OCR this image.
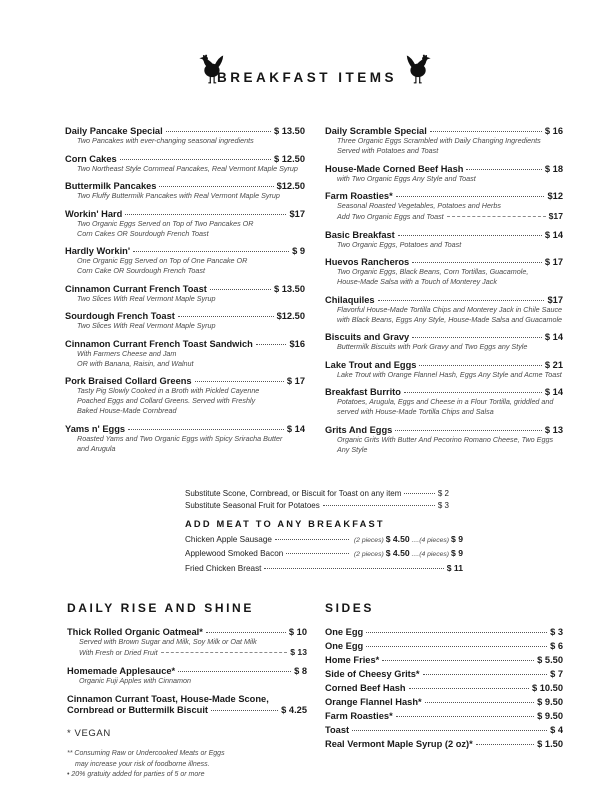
BREAKFAST ITEMS
Daily Pancake Special	$ 13.50
Two Pancakes with ever-changing seasonal ingredients
Corn Cakes	$ 12.50
Two Northeast Style Cornmeal Pancakes, Real Vermont Maple Syrup
Buttermilk Pancakes	$12.50
Two Fluffy Buttermilk Pancakes with Real Vermont Maple Syrup
Workin' Hard	$17
Two Organic Eggs Served on Top of Two Pancakes OR
Corn Cakes OR Sourdough French Toast
Hardly Workin'	$ 9
One Organic Egg Served on Top of One Pancake OR
Corn Cake OR Sourdough French Toast
Cinnamon Currant French Toast	$ 13.50
Two Slices With Real Vermont Maple Syrup
Sourdough French Toast	$12.50
Two Slices With Real Vermont Maple Syrup
Cinnamon Currant French Toast Sandwich	$16
With Farmers Cheese and Jam
OR with Banana, Raisin, and Walnut
Pork Braised Collard Greens	$ 17
Tasty Pig Slowly Cooked in a Broth with Pickled Cayenne
Poached Eggs and Collard Greens. Served with Freshly
Baked House-Made Cornbread
Yams n' Eggs	$ 14
Roasted Yams and Two Organic Eggs with Spicy Sriracha Butter
and Arugula
Daily Scramble Special	$ 16
Three Organic Eggs Scrambled with Daily Changing Ingredients
Served with Potatoes and Toast
House-Made Corned Beef Hash	$ 18
with Two Organic Eggs Any Style and Toast
Farm Roasties*	$12
Seasonal Roasted Vegetables, Potatoes and Herbs
Add Two Organic Eggs and Toast	$17
Basic Breakfast	$ 14
Two Organic Eggs, Potatoes and Toast
Huevos Rancheros	$ 17
Two Organic Eggs, Black Beans, Corn Tortillas, Guacamole,
House-Made Salsa with a Touch of Monterey Jack
Chilaquiles	$17
Flavorful House-Made Tortilla Chips and Monterey Jack in Chile Sauce
with Black Beans, Eggs Any Style, House-Made Salsa and Guacamole
Biscuits and Gravy	$ 14
Buttermilk Biscuits with Pork Gravy and Two Eggs any Style
Lake Trout and Eggs	$ 21
Lake Trout with Orange Flannel Hash, Eggs Any Style and Acme Toast
Breakfast Burrito	$ 14
Potatoes, Arugula, Eggs and Cheese in a Flour Tortilla, griddled and
served with House-Made Tortilla Chips and Salsa
Grits And Eggs	$ 13
Organic Grits With Butter And Pecorino Romano Cheese, Two Eggs
Any Style
Substitute Scone, Cornbread, or Biscuit for Toast on any item	$ 2
Substitute Seasonal Fruit for Potatoes	$ 3
ADD MEAT TO ANY BREAKFAST
Chicken Apple Sausage	(2 pieces) $ 4.50 ....(4 pieces) $ 9
Applewood Smoked Bacon	(2 pieces) $ 4.50 ....(4 pieces) $ 9
Fried Chicken Breast	$ 11
DAILY RISE AND SHINE
Thick Rolled Organic Oatmeal*	$ 10
Served with Brown Sugar and Milk, Soy Milk or Oat Milk
With Fresh or Dried Fruit	$ 13
Homemade Applesauce*	$ 8
Organic Fuji Apples with Cinnamon
Cinnamon Currant Toast, House-Made Scone,
Cornbread or Buttermilk Biscuit	$ 4.25
* VEGAN
** Consuming Raw or Undercooked Meats or Eggs
may increase your risk of foodborne illness.
• 20% gratuity added for parties of 5 or more
SIDES
One Egg	$ 3
One Egg	$ 6
Home Fries*	$ 5.50
Side of Cheesy Grits*	$ 7
Corned Beef Hash	$ 10.50
Orange Flannel Hash*	$ 9.50
Farm Roasties*	$ 9.50
Toast	$ 4
Real Vermont Maple Syrup (2 oz)*	$ 1.50
